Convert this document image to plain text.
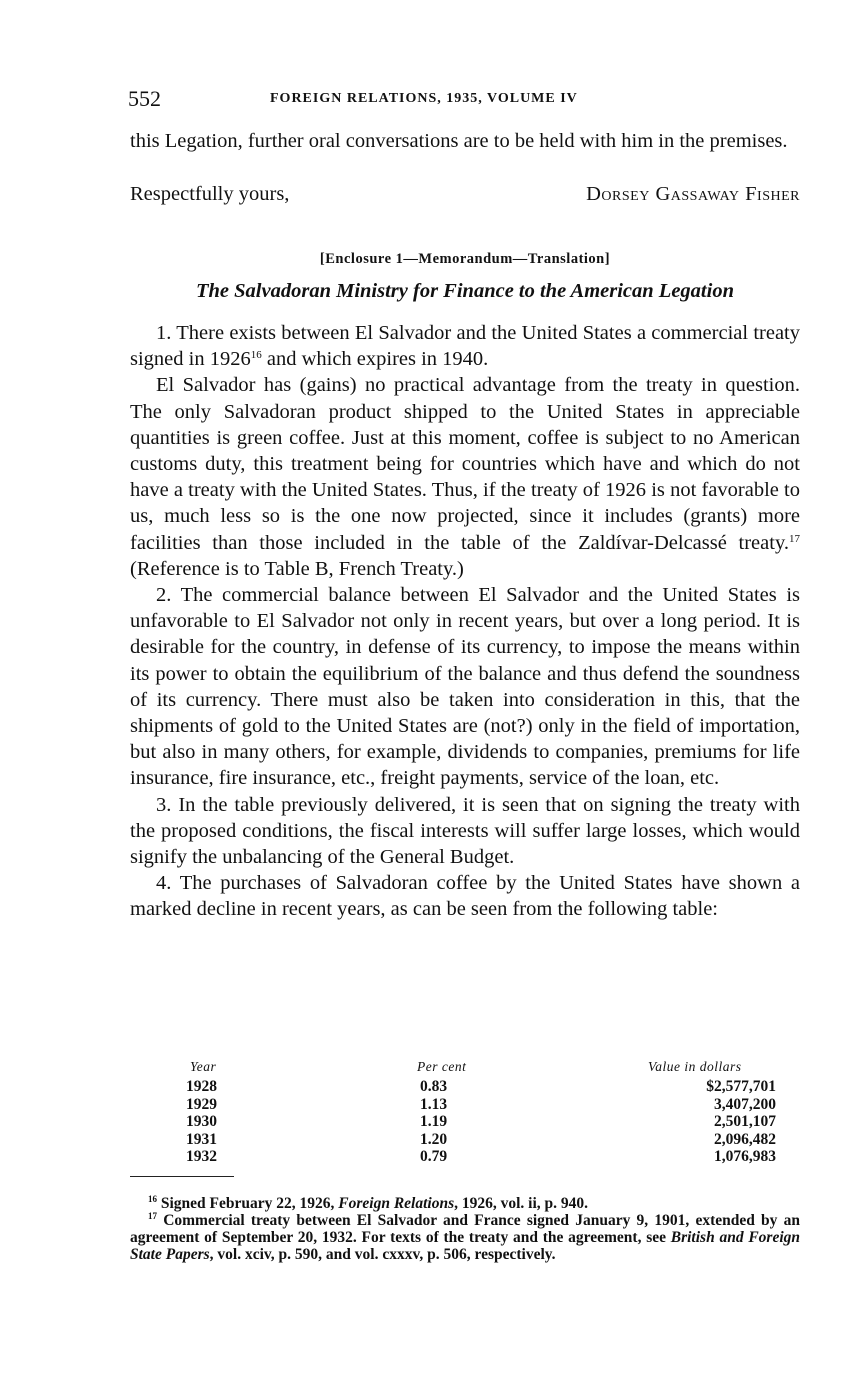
552	FOREIGN RELATIONS, 1935, VOLUME IV
this Legation, further oral conversations are to be held with him in the premises.
Respectfully yours,	Dorsey Gassaway Fisher
[Enclosure 1—Memorandum—Translation]
The Salvadoran Ministry for Finance to the American Legation

1. There exists between El Salvador and the United States a commercial treaty signed in 1926$^{16}$ and which expires in 1940.

El Salvador has (gains) no practical advantage from the treaty in question. The only Salvadoran product shipped to the United States in appreciable quantities is green coffee. Just at this moment, coffee is subject to no American customs duty, this treatment being for countries which have and which do not have a treaty with the United States. Thus, if the treaty of 1926 is not favorable to us, much less so is the one now projected, since it includes (grants) more facilities than those included in the table of the Zaldívar-Delcassé treaty.$^{17}$ (Reference is to Table B, French Treaty.)

2. The commercial balance between El Salvador and the United States is unfavorable to El Salvador not only in recent years, but over a long period. It is desirable for the country, in defense of its currency, to impose the means within its power to obtain the equilibrium of the balance and thus defend the soundness of its currency. There must also be taken into consideration in this, that the shipments of gold to the United States are (not?) only in the field of importation, but also in many others, for example, dividends to companies, premiums for life insurance, fire insurance, etc., freight payments, service of the loan, etc.

3. In the table previously delivered, it is seen that on signing the treaty with the proposed conditions, the fiscal interests will suffer large losses, which would signify the unbalancing of the General Budget.

4. The purchases of Salvadoran coffee by the United States have shown a marked decline in recent years, as can be seen from the following table:

Year	Per cent	Value in dollars
1928	0.83	$2,577,701
1929	1.13	3,407,200
1930	1.19	2,501,107
1931	1.20	2,096,482
1932	0.79	1,076,983

$^{16}$ Signed February 22, 1926, Foreign Relations, 1926, vol. ii, p. 940.

$^{17}$ Commercial treaty between El Salvador and France signed January 9, 1901, extended by an agreement of September 20, 1932. For texts of the treaty and the agreement, see British and Foreign State Papers, vol. xciv, p. 590, and vol. cxxxv, p. 506, respectively.
